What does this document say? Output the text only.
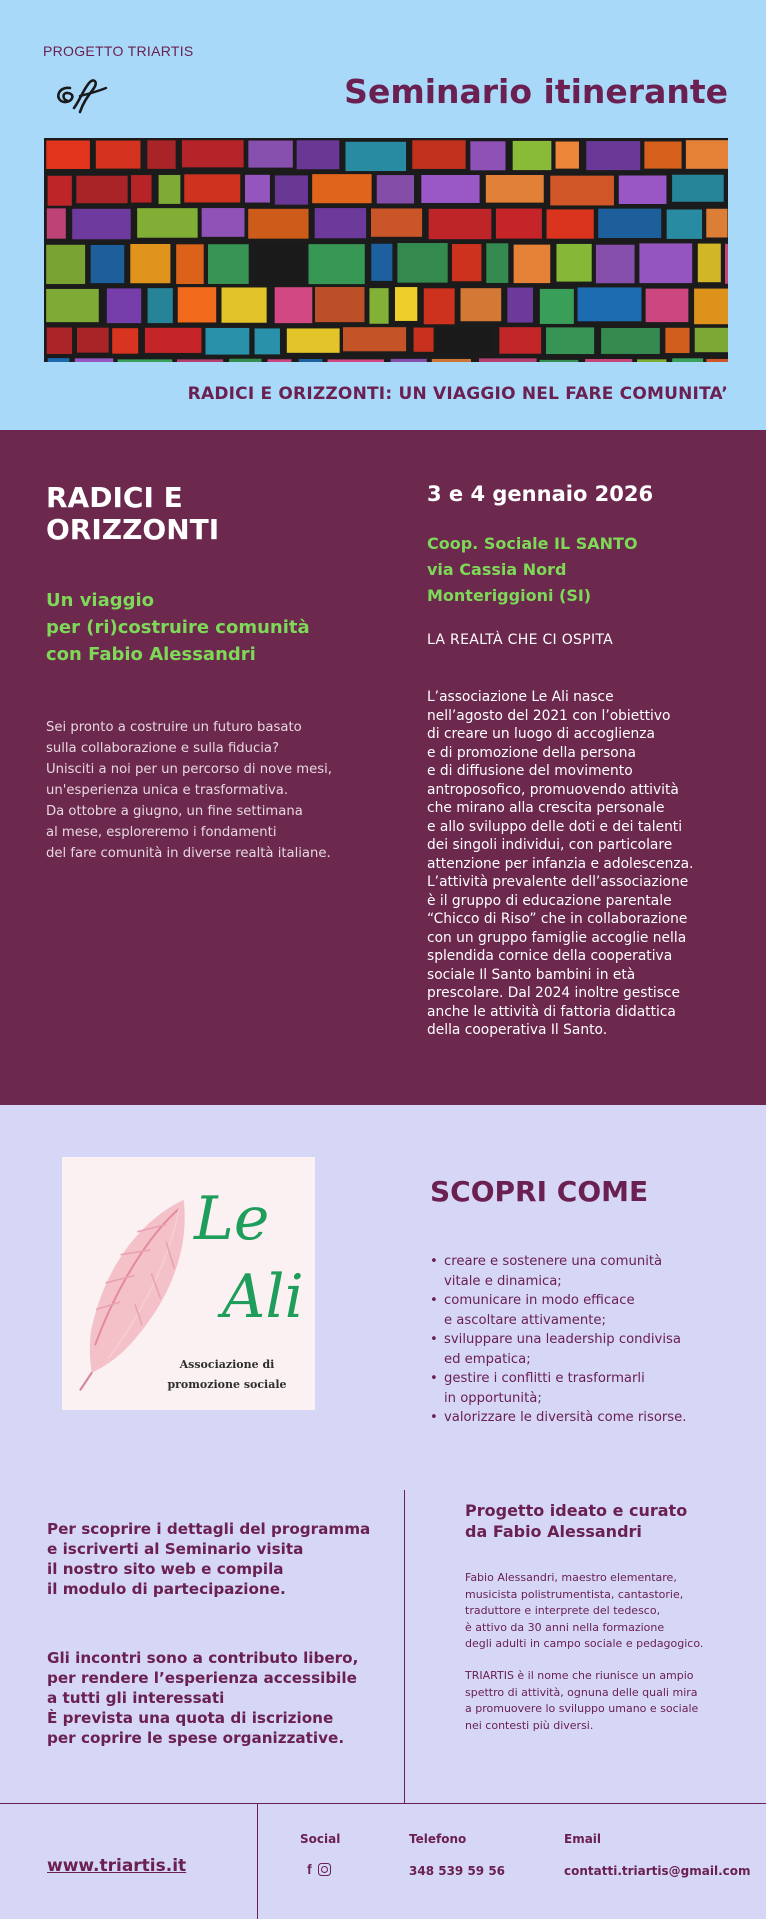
PROGETTO TRIARTIS
Seminario itinerante
RADICI E ORIZZONTI: UN VIAGGIO NEL FARE COMUNITA’
RADICI E
ORIZZONTI
Un viaggio
per (ri)costruire comunità
con Fabio Alessandri
Sei pronto a costruire un futuro basato
sulla collaborazione e sulla fiducia?
Unisciti a noi per un percorso di nove mesi,
un'esperienza unica e trasformativa.
Da ottobre a giugno, un fine settimana
al mese, esploreremo i fondamenti
del fare comunità in diverse realtà italiane.
3 e 4 gennaio 2026
Coop. Sociale IL SANTO
via Cassia Nord
Monteriggioni (SI)
LA REALTÀ CHE CI OSPITA
L’associazione Le Ali nasce
nell’agosto del 2021 con l’obiettivo
di creare un luogo di accoglienza
e di promozione della persona
e di diffusione del movimento
antroposofico, promuovendo attività
che mirano alla crescita personale
e allo sviluppo delle doti e dei talenti
dei singoli individui, con particolare
attenzione per infanzia e adolescenza.
L’attività prevalente dell’associazione
è il gruppo di educazione parentale
“Chicco di Riso” che in collaborazione
con un gruppo famiglie accoglie nella
splendida cornice della cooperativa
sociale Il Santo bambini in età
prescolare. Dal 2024 inoltre gestisce
anche le attività di fattoria didattica
della cooperativa Il Santo.
Le
Ali
Associazione di
promozione sociale
SCOPRI COME
• creare e sostenere una comunità
vitale e dinamica;
• comunicare in modo efficace
e ascoltare attivamente;
• sviluppare una leadership condivisa
ed empatica;
• gestire i conflitti e trasformarli
in opportunità;
• valorizzare le diversità come risorse.
Per scoprire i dettagli del programma
e iscriverti al Seminario visita
il nostro sito web e compila
il modulo di partecipazione.
Gli incontri sono a contributo libero,
per rendere l’esperienza accessibile
a tutti gli interessati
È prevista una quota di iscrizione
per coprire le spese organizzative.
Progetto ideato e curato
da Fabio Alessandri
Fabio Alessandri, maestro elementare,
musicista polistrumentista, cantastorie,
traduttore e interprete del tedesco,
è attivo da 30 anni nella formazione
degli adulti in campo sociale e pedagogico.
TRIARTIS è il nome che riunisce un ampio
spettro di attività, ognuna delle quali mira
a promuovere lo sviluppo umano e sociale
nei contesti più diversi.
www.triartis.it
Social
f
Telefono
348 539 59 56
Email
contatti.triartis@gmail.com
